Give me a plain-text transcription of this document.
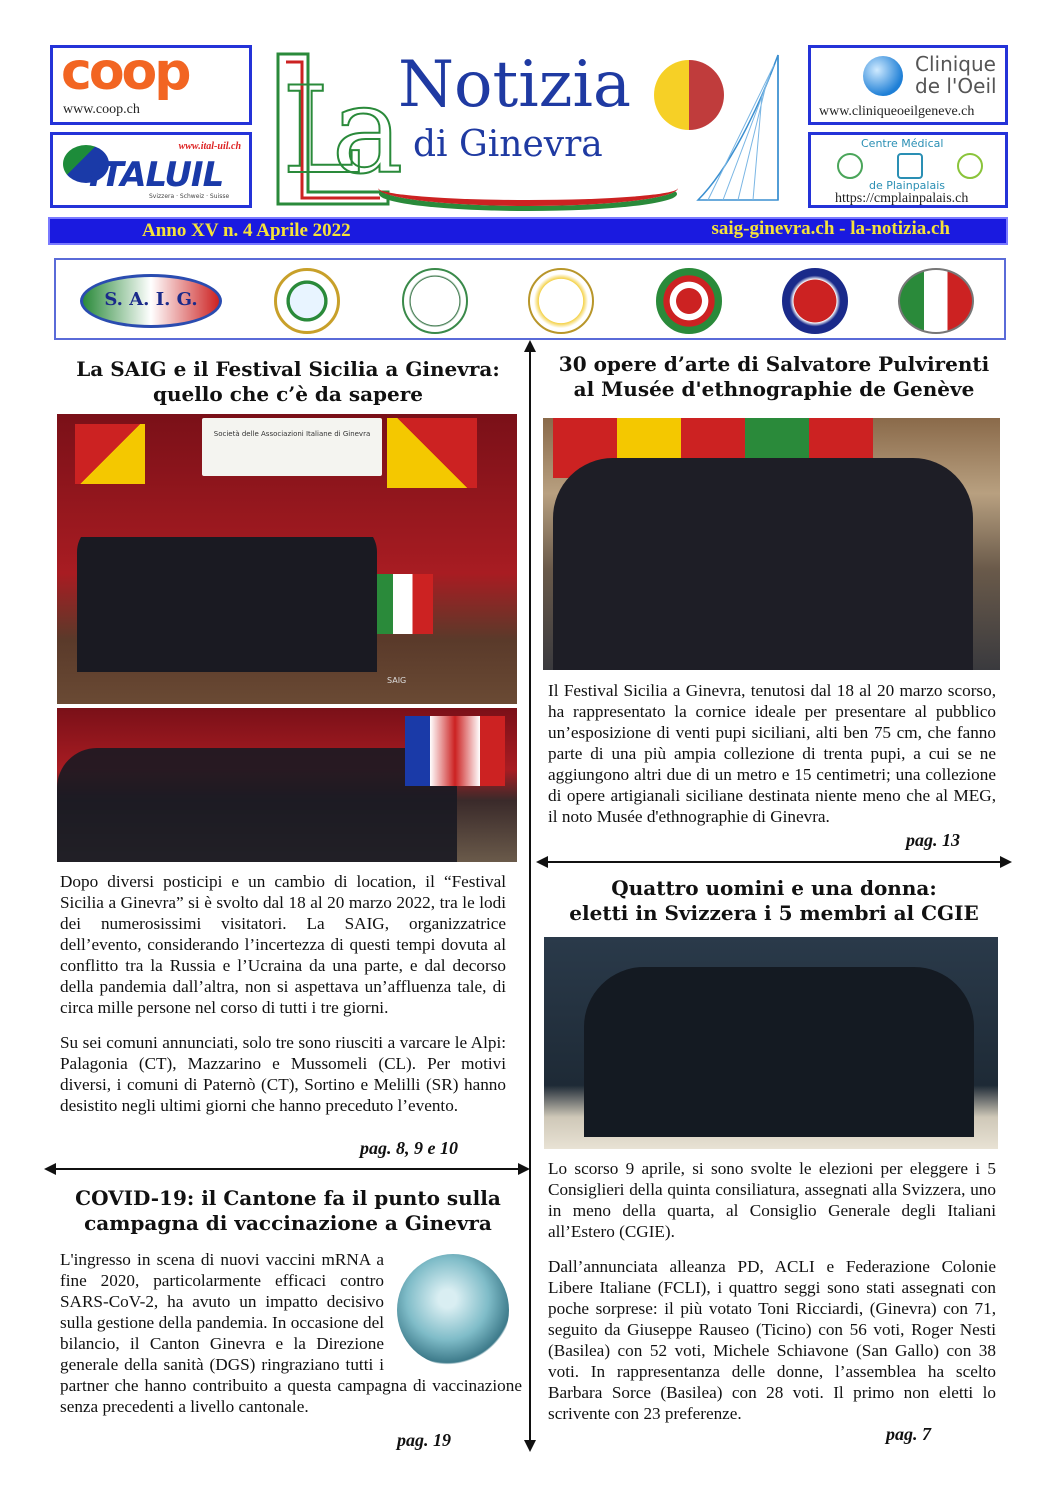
coop
www.coop.ch
www.ital-uil.ch
ITALUIL
Svizzera · Schweiz · Suisse La Notizia
di Ginevra
Clinique
de l'Oeil
www.cliniqueoeilgeneve.ch
Centre Médical
de Plainpalais
https://cmplainpalais.ch
Anno XV n. 4 Aprile 2022	saig-ginevra.ch - la-notizia.ch
S. A. I. G.
La SAIG e il Festival Sicilia a Ginevra:
quello che c’è da sapere
Società delle Associazioni Italiane di Ginevra
SAIG

Dopo diversi posticipi e un cambio di location, il “Festival Sicilia a Ginevra” si è svolto dal 18 al 20 marzo 2022, tra le lodi dei numerosissimi visitatori. La SAIG, organizzatrice dell’evento, considerando l’incertezza di questi tempi dovuta al conflitto tra la Russia e l’Ucraina da una parte, e dal decorso della pandemia dall’altra, non si aspettava un’affluenza tale, di circa mille persone nel corso di tutti i tre giorni.

Su sei comuni annunciati, solo tre sono riusciti a varcare le Alpi: Palagonia (CT), Mazzarino e Mussomeli (CL). Per motivi diversi, i comuni di Paternò (CT), Sortino e Melilli (SR) hanno desistito negli ultimi giorni che hanno preceduto l’evento.

pag. 8, 9 e 10
COVID-19: il Cantone fa il punto sulla
campagna di vaccinazione a Ginevra

L'ingresso in scena di nuovi vaccini mRNA a fine 2020, particolarmente efficaci contro SARS-CoV-2, ha avuto un impatto decisivo sulla gestione della pandemia. In occasione del bilancio, il Canton Ginevra e la Direzione generale della sanità (DGS) ringraziano tutti i partner che hanno contribuito a questa campagna di vaccinazione senza precedenti a livello cantonale.

pag. 19
30 opere d’arte di Salvatore Pulvirenti
al Musée d'ethnographie de Genève

Il Festival Sicilia a Ginevra, tenutosi dal 18 al 20 marzo scorso, ha rappresentato la cornice ideale per presentare al pubblico un’esposizione di venti pupi siciliani, alti ben 75 cm, che fanno parte di una più ampia collezione di trenta pupi, a cui se ne aggiungono altri due di un metro e 15 centimetri; una collezione di opere artigianali siciliane destinata niente meno che al MEG, il noto Musée d'ethnographie di Ginevra.

pag. 13
Quattro uomini e una donna:
eletti in Svizzera i 5 membri al CGIE

Lo scorso 9 aprile, si sono svolte le elezioni per eleggere i 5 Consiglieri della quinta consiliatura, assegnati alla Svizzera, uno in meno della quarta, al Consiglio Generale degli Italiani all’Estero (CGIE).

Dall’annunciata alleanza PD, ACLI e Federazione Colonie Libere Italiane (FCLI), i quattro seggi sono stati assegnati con poche sorprese: il più votato Toni Ricciardi, (Ginevra) con 71, seguito da Giuseppe Rauseo (Ticino) con 56 voti, Roger Nesti (Basilea) con 52 voti, Michele Schiavone (San Gallo) con 38 voti. In rappresentanza delle donne, l’assemblea ha scelto Barbara Sorce (Basilea) con 28 voti. Il primo non eletti lo scrivente con 23 preferenze.

pag. 7
